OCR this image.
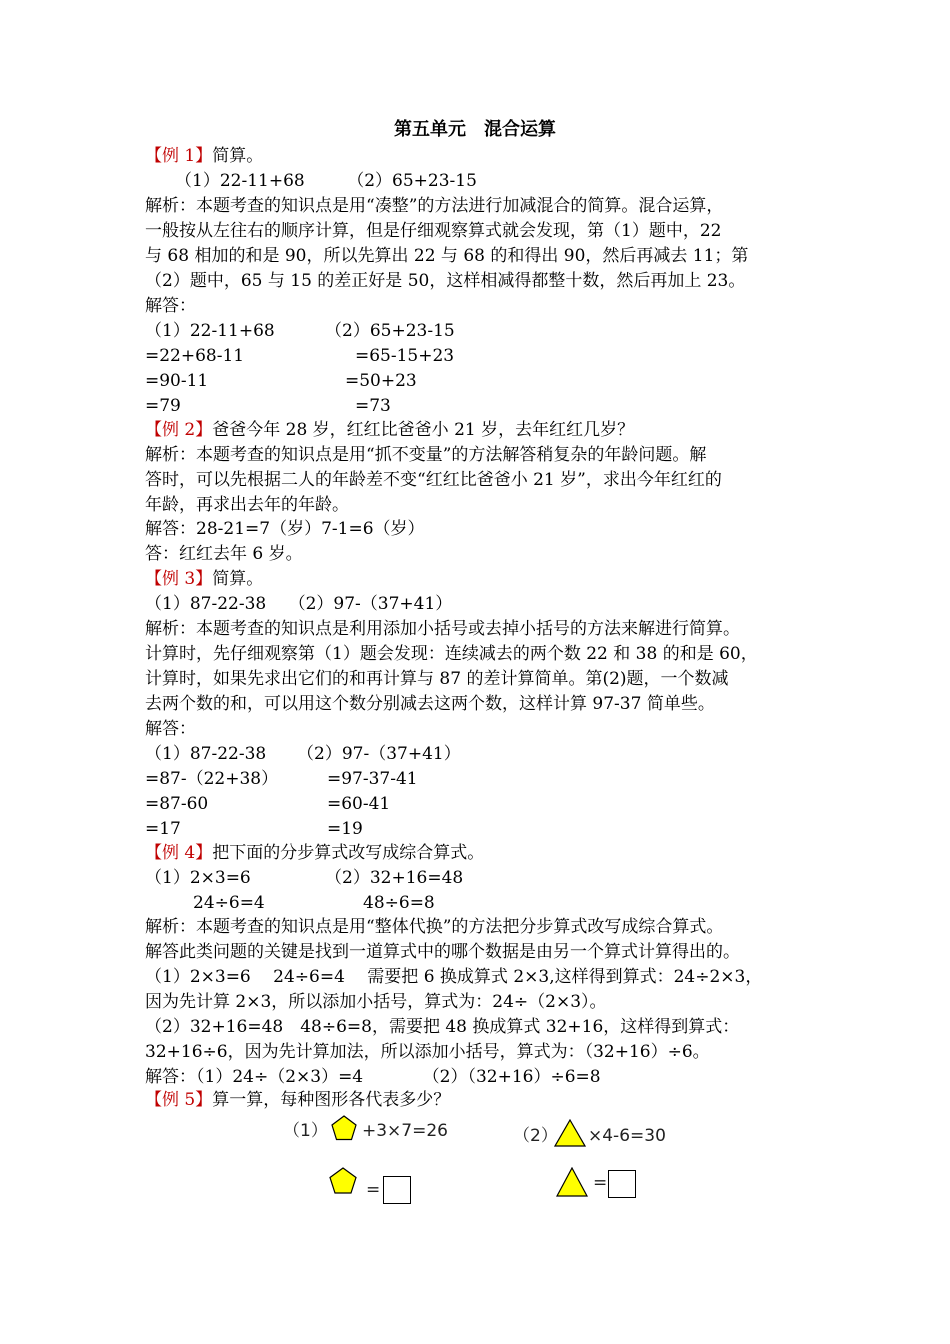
第五单元　混合运算
【例 1】简算。
（1）22-11+68　　　（2）65+23-15
解析：本题考查的知识点是用“凑整”的方法进行加减混合的简算。混合运算，
一般按从左往右的顺序计算，但是仔细观察算式就会发现，第（1）题中，22
与 68 相加的和是 90，所以先算出 22 与 68 的和得出 90，然后再减去 11；第
（2）题中，65 与 15 的差正好是 50，这样相减得都整十数，然后再加上 23。
解答：
（1）22-11+68
=22+68-11
=90-11
=79
（2）65+23-15
=65-15+23
=50+23
=73
【例 2】爸爸今年 28 岁，红红比爸爸小 21 岁，去年红红几岁？
解析：本题考查的知识点是用“抓不变量”的方法解答稍复杂的年龄问题。解
答时，可以先根据二人的年龄差不变“红红比爸爸小 21 岁”，求出今年红红的
年龄，再求出去年的年龄。
解答：28-21=7（岁）7-1=6（岁）
答：红红去年 6 岁。
【例 3】简算。
（1）87-22-38　 （2）97-（37+41）
解析：本题考查的知识点是利用添加小括号或去掉小括号的方法来解进行简算。
计算时，先仔细观察第（1）题会发现：连续减去的两个数 22 和 38 的和是 60，
计算时，如果先求出它们的和再计算与 87 的差计算简单。第(2)题，一个数减
去两个数的和，可以用这个数分别减去这两个数，这样计算 97-37 简单些。
解答：
（1）87-22-38
=87-（22+38）
=87-60
=17
（2）97-（37+41）
=97-37-41
=60-41
=19
【例 4】把下面的分步算式改写成综合算式。
（1）2×3=6
24÷6=4
（2）32+16=48
48÷6=8
解析：本题考查的知识点是用“整体代换”的方法把分步算式改写成综合算式。
解答此类问题的关键是找到一道算式中的哪个数据是由另一个算式计算得出的。
（1）2×3=6　 24÷6=4　 需要把 6 换成算式 2×3,这样得到算式：24÷2×3，
因为先计算 2×3，所以添加小括号，算式为：24÷（2×3）。
（2）32+16=48　48÷6=8，需要把 48 换成算式 32+16，这样得到算式：
32+16÷6，因为先计算加法，所以添加小括号，算式为：（32+16）÷6。
解答：（1）24÷（2×3）=4　　　　（2）（32+16）÷6=8
【例 5】算一算，每种图形各代表多少？
（1） +3×7=26	（2） ×4-6=30
=	=
